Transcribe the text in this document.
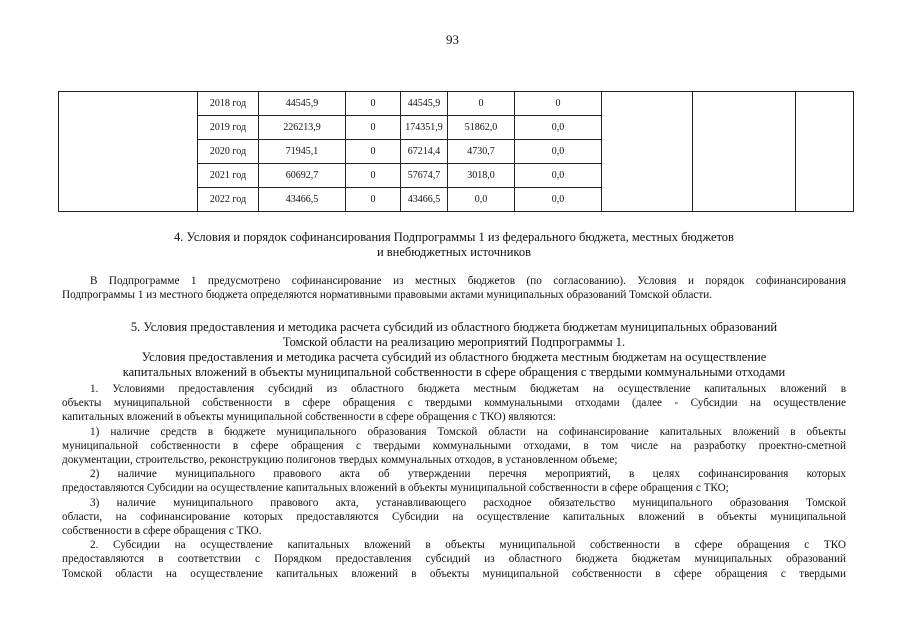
93
	2018 год	44545,9	0	44545,9	0	0			
	2019 год	226213,9	0	174351,9	51862,0	0,0			
	2020 год	71945,1	0	67214,4	4730,7	0,0			
	2021 год	60692,7	0	57674,7	3018,0	0,0			
	2022 год	43466,5	0	43466,5	0,0	0,0			
4. Условия и порядок софинансирования Подпрограммы 1 из федерального бюджета, местных бюджетов
и внебюджетных источников

В Подпрограмме 1 предусмотрено софинансирование из местных бюджетов (по согласованию). Условия и порядок софинансирования

Подпрограммы 1 из местного бюджета определяются нормативными правовыми актами муниципальных образований Томской области.

5. Условия предоставления и методика расчета субсидий из областного бюджета бюджетам муниципальных образований
Томской области на реализацию мероприятий Подпрограммы 1.
Условия предоставления и методика расчета субсидий из областного бюджета местным бюджетам на осуществление
капитальных вложений в объекты муниципальной собственности в сфере обращения с твердыми коммунальными отходами

1. Условиями предоставления субсидий из областного бюджета местным бюджетам на осуществление капитальных вложений в

объекты муниципальной собственности в сфере обращения с твердыми коммунальными отходами (далее - Субсидии на осуществление

капитальных вложений в объекты муниципальной собственности в сфере обращения с ТКО) являются:

1) наличие средств в бюджете муниципального образования Томской области на софинансирование капитальных вложений в объекты

муниципальной собственности в сфере обращения с твердыми коммунальными отходами, в том числе на разработку проектно-сметной

документации, строительство, реконструкцию полигонов твердых коммунальных отходов, в установленном объеме;

2) наличие муниципального правового акта об утверждении перечня мероприятий, в целях софинансирования которых

предоставляются Субсидии на осуществление капитальных вложений в объекты муниципальной собственности в сфере обращения с ТКО;

3) наличие муниципального правового акта, устанавливающего расходное обязательство муниципального образования Томской

области, на софинансирование которых предоставляются Субсидии на осуществление капитальных вложений в объекты муниципальной

собственности в сфере обращения с ТКО.

2. Субсидии на осуществление капитальных вложений в объекты муниципальной собственности в сфере обращения с ТКО

предоставляются в соответствии с Порядком предоставления субсидий из областного бюджета бюджетам муниципальных образований

Томской области на осуществление капитальных вложений в объекты муниципальной собственности в сфере обращения с твердыми
